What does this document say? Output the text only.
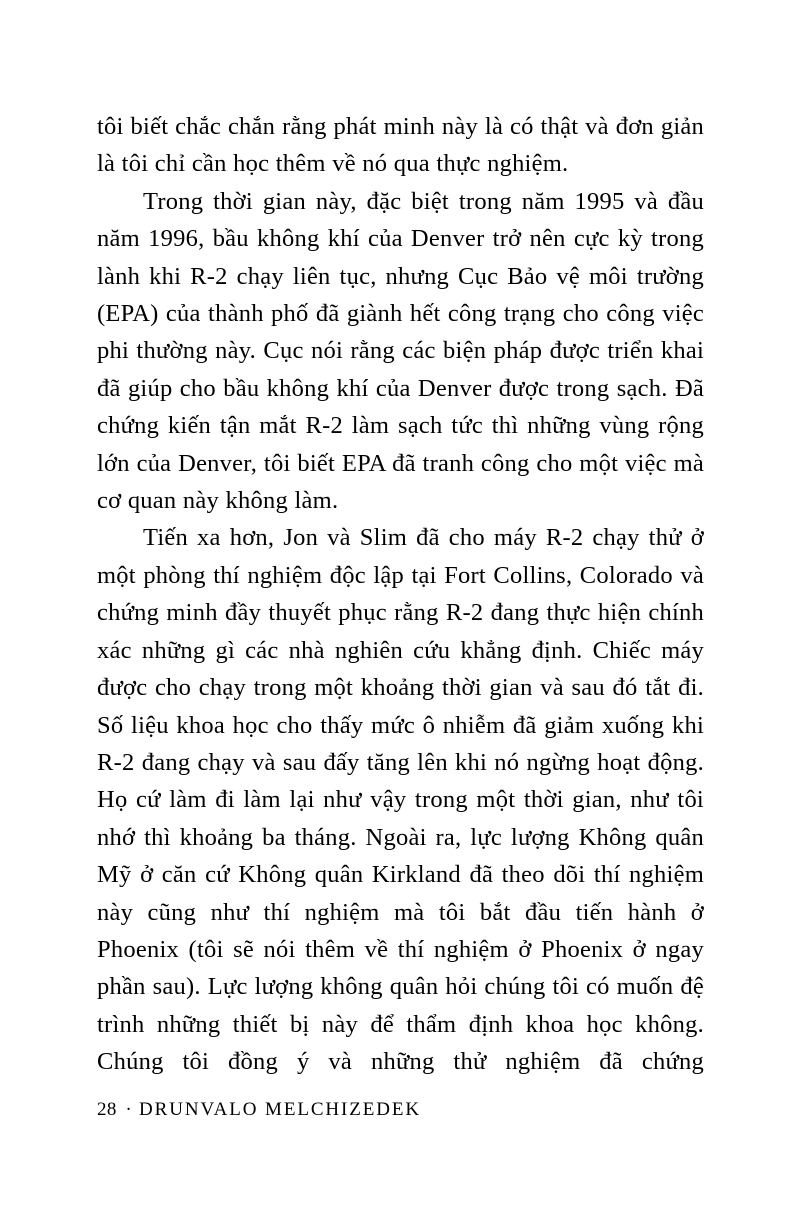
tôi biết chắc chắn rằng phát minh này là có thật và đơn giản là tôi chỉ cần học thêm về nó qua thực nghiệm.

Trong thời gian này, đặc biệt trong năm 1995 và đầu năm 1996, bầu không khí của Denver trở nên cực kỳ trong lành khi R-2 chạy liên tục, nhưng Cục Bảo vệ môi trường (EPA) của thành phố đã giành hết công trạng cho công việc phi thường này. Cục nói rằng các biện pháp được triển khai đã giúp cho bầu không khí của Denver được trong sạch. Đã chứng kiến tận mắt R-2 làm sạch tức thì những vùng rộng lớn của Denver, tôi biết EPA đã tranh công cho một việc mà cơ quan này không làm.

Tiến xa hơn, Jon và Slim đã cho máy R-2 chạy thử ở một phòng thí nghiệm độc lập tại Fort Collins, Colorado và chứng minh đầy thuyết phục rằng R-2 đang thực hiện chính xác những gì các nhà nghiên cứu khẳng định. Chiếc máy được cho chạy trong một khoảng thời gian và sau đó tắt đi. Số liệu khoa học cho thấy mức ô nhiễm đã giảm xuống khi R-2 đang chạy và sau đấy tăng lên khi nó ngừng hoạt động. Họ cứ làm đi làm lại như vậy trong một thời gian, như tôi nhớ thì khoảng ba tháng. Ngoài ra, lực lượng Không quân Mỹ ở căn cứ Không quân Kirkland đã theo dõi thí nghiệm này cũng như thí nghiệm mà tôi bắt đầu tiến hành ở Phoenix (tôi sẽ nói thêm về thí nghiệm ở Phoenix ở ngay phần sau). Lực lượng không quân hỏi chúng tôi có muốn đệ trình những thiết bị này để thẩm định khoa học không. Chúng tôi đồng ý và những thử nghiệm đã chứng

28 · DRUNVALO MELCHIZEDEK
